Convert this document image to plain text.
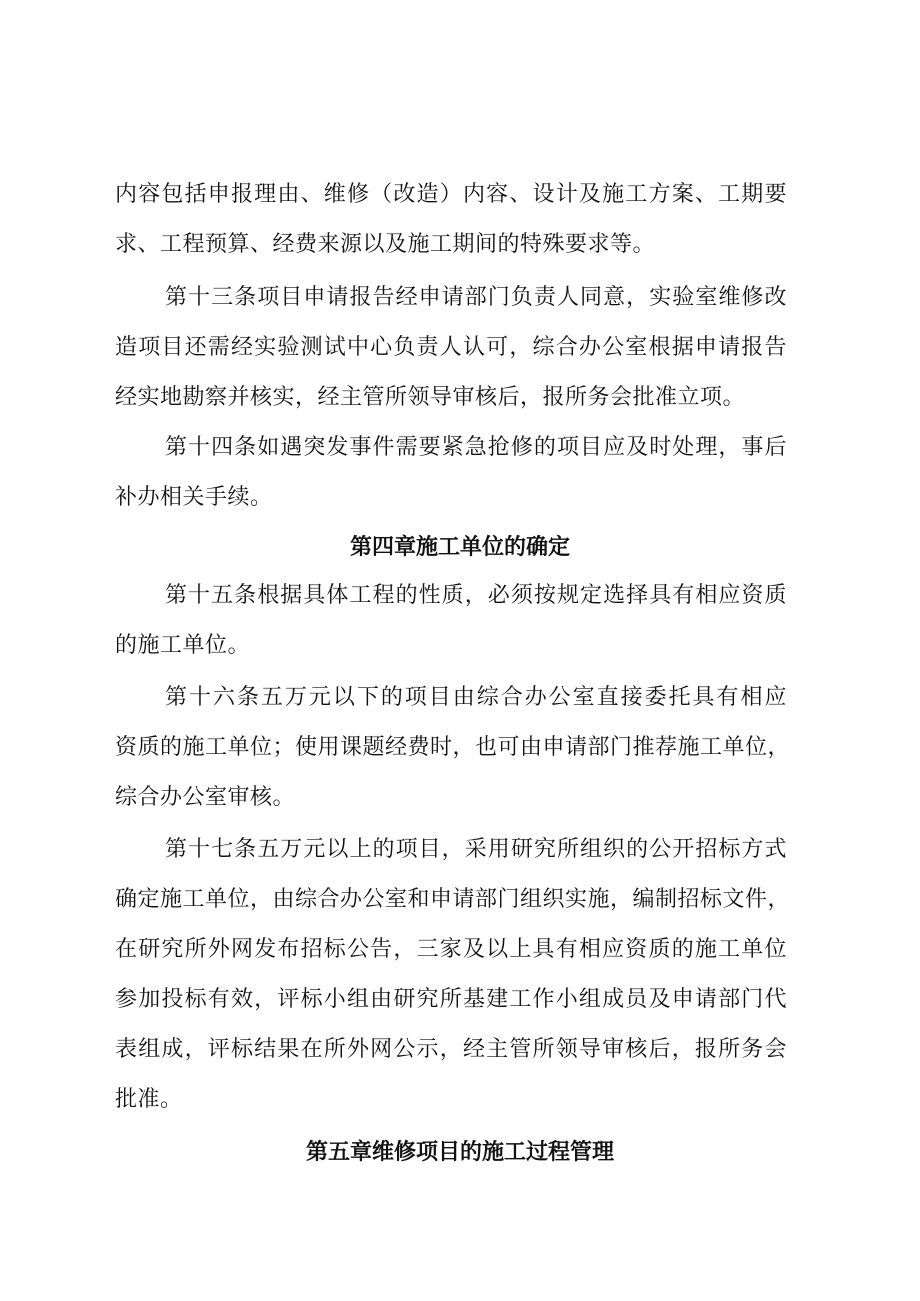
内容包括申报理由、维修（改造）内容、设计及施工方案、工期要
求、工程预算、经费来源以及施工期间的特殊要求等。
第十三条项目申请报告经申请部门负责人同意，实验室维修改
造项目还需经实验测试中心负责人认可，综合办公室根据申请报告
经实地勘察并核实，经主管所领导审核后，报所务会批准立项。
第十四条如遇突发事件需要紧急抢修的项目应及时处理，事后
补办相关手续。
第四章施工单位的确定
第十五条根据具体工程的性质，必须按规定选择具有相应资质
的施工单位。
第十六条五万元以下的项目由综合办公室直接委托具有相应
资质的施工单位；使用课题经费时，也可由申请部门推荐施工单位，
综合办公室审核。
第十七条五万元以上的项目，采用研究所组织的公开招标方式
确定施工单位，由综合办公室和申请部门组织实施，编制招标文件，
在研究所外网发布招标公告，三家及以上具有相应资质的施工单位
参加投标有效，评标小组由研究所基建工作小组成员及申请部门代
表组成，评标结果在所外网公示，经主管所领导审核后，报所务会
批准。
第五章维修项目的施工过程管理
